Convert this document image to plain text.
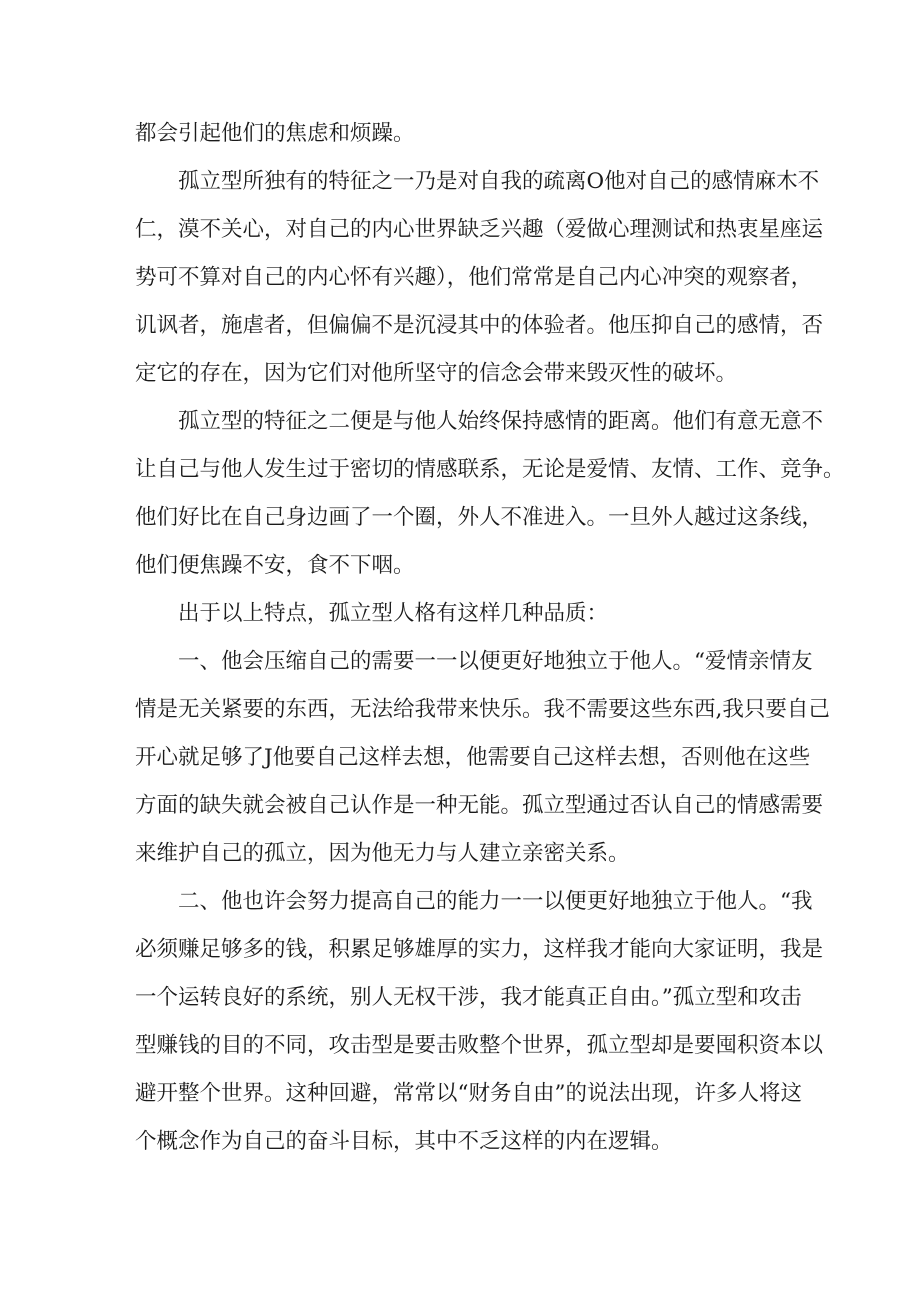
都会引起他们的焦虑和烦躁。
孤立型所独有的特征之一乃是对自我的疏离O他对自己的感情麻木不
仁，漠不关心，对自己的内心世界缺乏兴趣（爱做心理测试和热衷星座运
势可不算对自己的内心怀有兴趣），他们常常是自己内心冲突的观察者，
讥讽者，施虐者，但偏偏不是沉浸其中的体验者。他压抑自己的感情，否
定它的存在，因为它们对他所坚守的信念会带来毁灭性的破坏。
孤立型的特征之二便是与他人始终保持感情的距离。他们有意无意不
让自己与他人发生过于密切的情感联系，无论是爱情、友情、工作、竞争。
他们好比在自己身边画了一个圈，外人不准进入。一旦外人越过这条线，
他们便焦躁不安，食不下咽。
出于以上特点，孤立型人格有这样几种品质：
一、他会压缩自己的需要一一以便更好地独立于他人。“爱情亲情友
情是无关紧要的东西，无法给我带来快乐。我不需要这些东西,我只要自己
开心就足够了J他要自己这样去想，他需要自己这样去想，否则他在这些
方面的缺失就会被自己认作是一种无能。孤立型通过否认自己的情感需要
来维护自己的孤立，因为他无力与人建立亲密关系。
二、他也许会努力提高自己的能力一一以便更好地独立于他人。“我
必须赚足够多的钱，积累足够雄厚的实力，这样我才能向大家证明，我是
一个运转良好的系统，别人无权干涉，我才能真正自由。”孤立型和攻击
型赚钱的目的不同，攻击型是要击败整个世界，孤立型却是要囤积资本以
避开整个世界。这种回避，常常以“财务自由”的说法出现，许多人将这
个概念作为自己的奋斗目标，其中不乏这样的内在逻辑。
